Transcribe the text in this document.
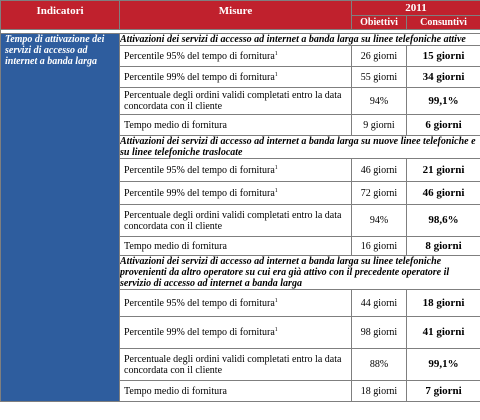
Indicatori	Misure	2011	
		Obiettivi	Consuntivi

Tempo di attivazione dei servizi di accesso ad internet a banda larga	Attivazioni dei servizi di accesso ad internet a banda larga su linee telefoniche attive		
	Percentile 95% del tempo di fornitura$^1$	26 giorni	15 giorni
	Percentile 99% del tempo di fornitura$^1$	55 giorni	34 giorni
	Percentuale degli ordini validi completati entro la data concordata con il cliente	94%	99,1%
	Tempo medio di fornitura	9 giorni	6 giorni
	Attivazioni dei servizi di accesso ad internet a banda larga su nuove linee telefoniche e su linee telefoniche traslocate		
	Percentile 95% del tempo di fornitura$^1$	46 giorni	21 giorni
	Percentile 99% del tempo di fornitura$^1$	72 giorni	46 giorni
	Percentuale degli ordini validi completati entro la data concordata con il cliente	94%	98,6%
	Tempo medio di fornitura	16 giorni	8 giorni
	Attivazioni dei servizi di accesso ad internet a banda larga su linee telefoniche provenienti da altro operatore su cui era già attivo con il precedente operatore il servizio di accesso ad internet a banda larga		
	Percentile 95% del tempo di fornitura$^1$	44 giorni	18 giorni
	Percentile 99% del tempo di fornitura$^1$	98 giorni	41 giorni
	Percentuale degli ordini validi completati entro la data concordata con il cliente	88%	99,1%
	Tempo medio di fornitura	18 giorni	7 giorni
